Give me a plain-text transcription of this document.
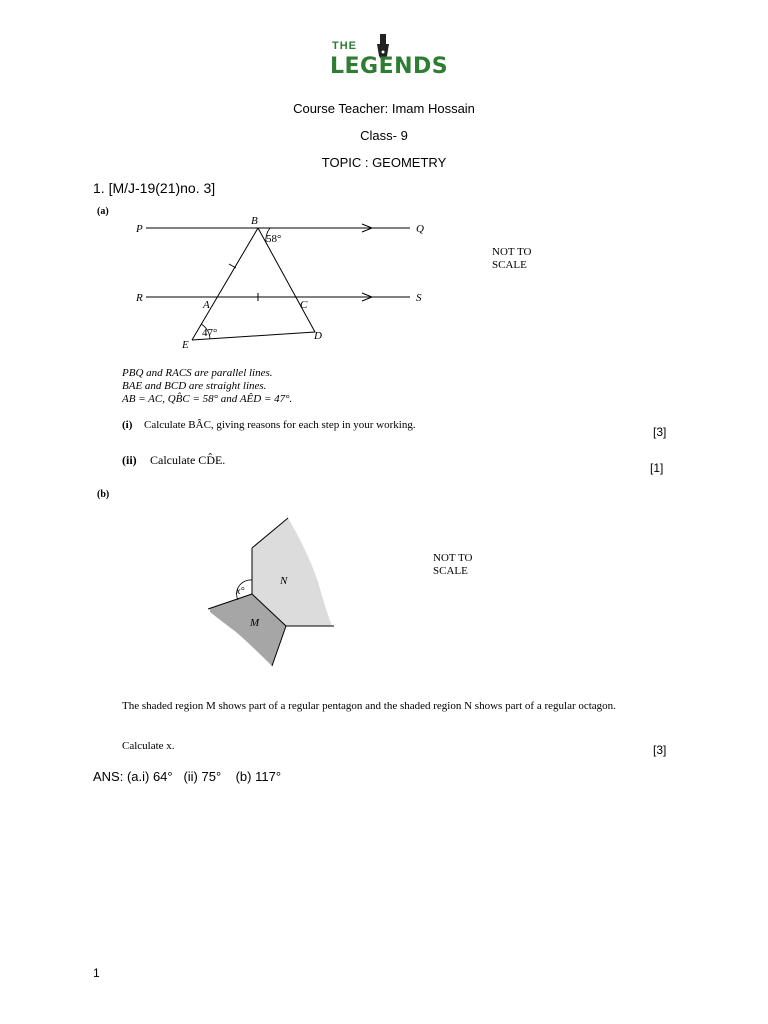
THE
LEGENDS
Course Teacher: Imam Hossain
Class- 9
TOPIC : GEOMETRY
1. [M/J-19(21)no. 3]
(a)
P	Q
R	S
B
A	C
D
E
58°
47°
NOT TO
SCALE
PBQ and RACS are parallel lines.
BAE and BCD are straight lines.
AB = AC, QB̂C = 58° and AÊD = 47°.
(i) Calculate BÂC, giving reasons for each step in your working.	[3]
(ii) Calculate CD̂E.
[1]
(b)
x°
N
M
NOT TO
SCALE
The shaded region M shows part of a regular pentagon and the shaded region N shows part of a regular octagon.
Calculate x.	[3]
ANS: (a.i) 64°   (ii) 75°    (b) 117°
1
